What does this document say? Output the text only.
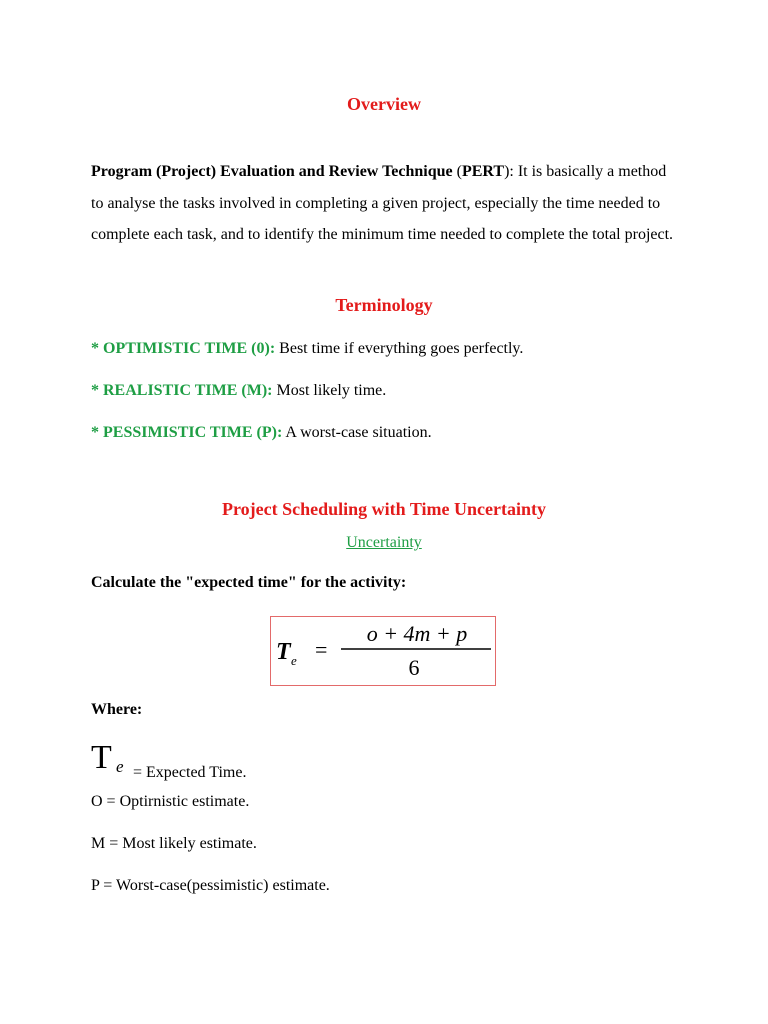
Overview

Program (Project) Evaluation and Review Technique (PERT): It is basically a method to analyse the tasks involved in completing a given project, especially the time needed to complete each task, and to identify the minimum time needed to complete the total project.

Terminology

* OPTIMISTIC TIME (0): Best time if everything goes perfectly.

* REALISTIC TIME (M): Most likely time.

* PESSIMISTIC TIME (P): A worst-case situation.

Project Scheduling with Time Uncertainty
Uncertainty

Calculate the "expected time" for the activity:

T e =
o + 4m + p
6

Where:

T e = Expected Time.

O = Optirnistic estimate.

M = Most likely estimate.

P = Worst-case(pessimistic) estimate.
